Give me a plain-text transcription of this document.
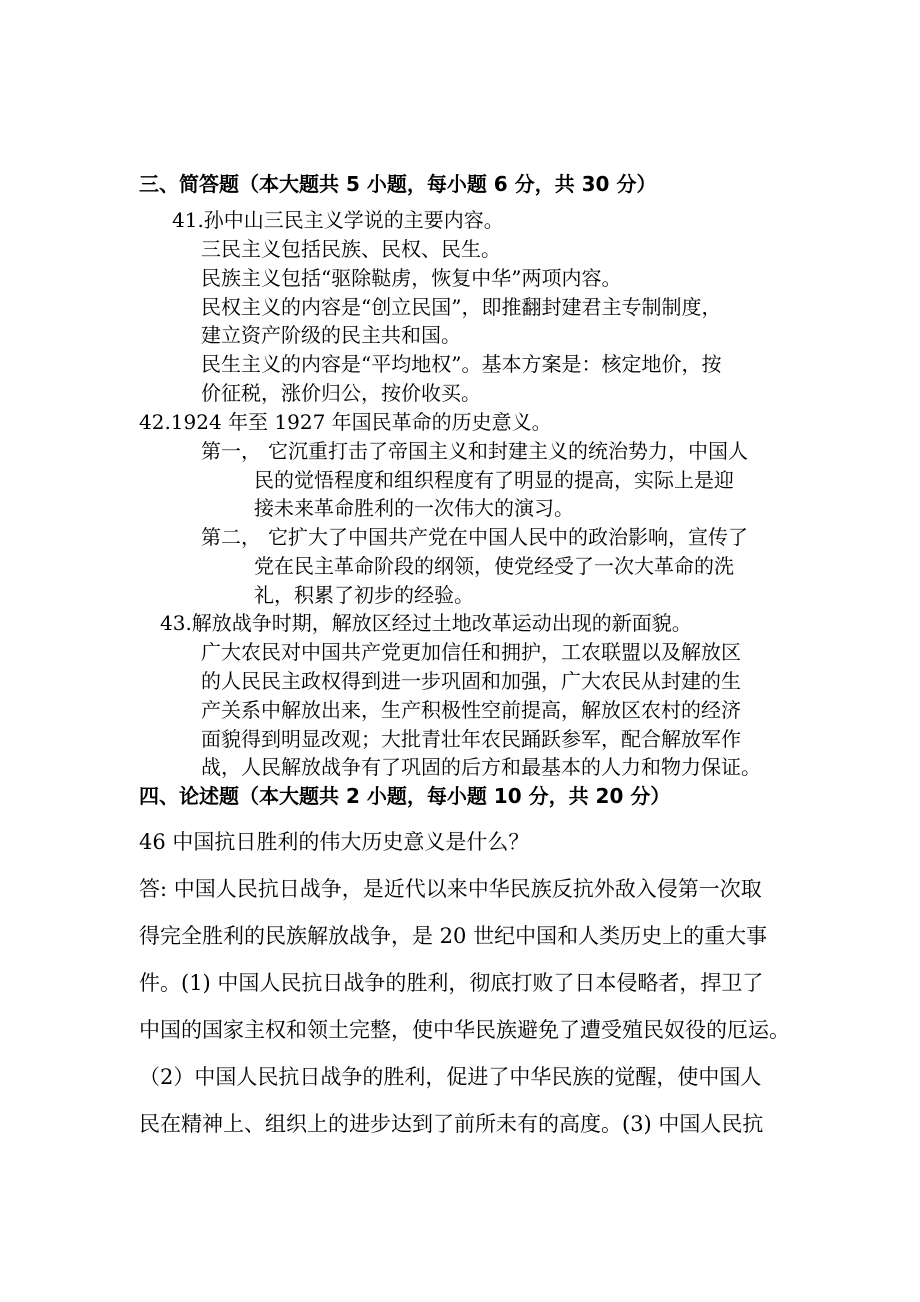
三、简答题（本大题共 5 小题，每小题 6 分，共 30 分）
41.孙中山三民主义学说的主要内容。
三民主义包括民族、民权、民生。
民族主义包括“驱除鞑虏，恢复中华”两项内容。
民权主义的内容是“创立民国”，即推翻封建君主专制制度，
建立资产阶级的民主共和国。
民生主义的内容是“平均地权”。基本方案是：核定地价，按
价征税，涨价归公，按价收买。
42.1924 年至 1927 年国民革命的历史意义。
第一， 它沉重打击了帝国主义和封建主义的统治势力，中国人
民的觉悟程度和组织程度有了明显的提高，实际上是迎
接未来革命胜利的一次伟大的演习。
第二， 它扩大了中国共产党在中国人民中的政治影响，宣传了
党在民主革命阶段的纲领，使党经受了一次大革命的洗
礼，积累了初步的经验。
43.解放战争时期，解放区经过土地改革运动出现的新面貌。
广大农民对中国共产党更加信任和拥护，工农联盟以及解放区
的人民民主政权得到进一步巩固和加强，广大农民从封建的生
产关系中解放出来，生产积极性空前提高，解放区农村的经济
面貌得到明显改观；大批青壮年农民踊跃参军，配合解放军作
战，人民解放战争有了巩固的后方和最基本的人力和物力保证。
四、论述题（本大题共 2 小题，每小题 10 分，共 20 分）
46 中国抗日胜利的伟大历史意义是什么？
答: 中国人民抗日战争，是近代以来中华民族反抗外敌入侵第一次取
得完全胜利的民族解放战争，是 20 世纪中国和人类历史上的重大事
件。(1) 中国人民抗日战争的胜利，彻底打败了日本侵略者，捍卫了
中国的国家主权和领土完整，使中华民族避免了遭受殖民奴役的厄运。
（2）中国人民抗日战争的胜利，促进了中华民族的觉醒，使中国人
民在精神上、组织上的进步达到了前所未有的高度。(3) 中国人民抗
